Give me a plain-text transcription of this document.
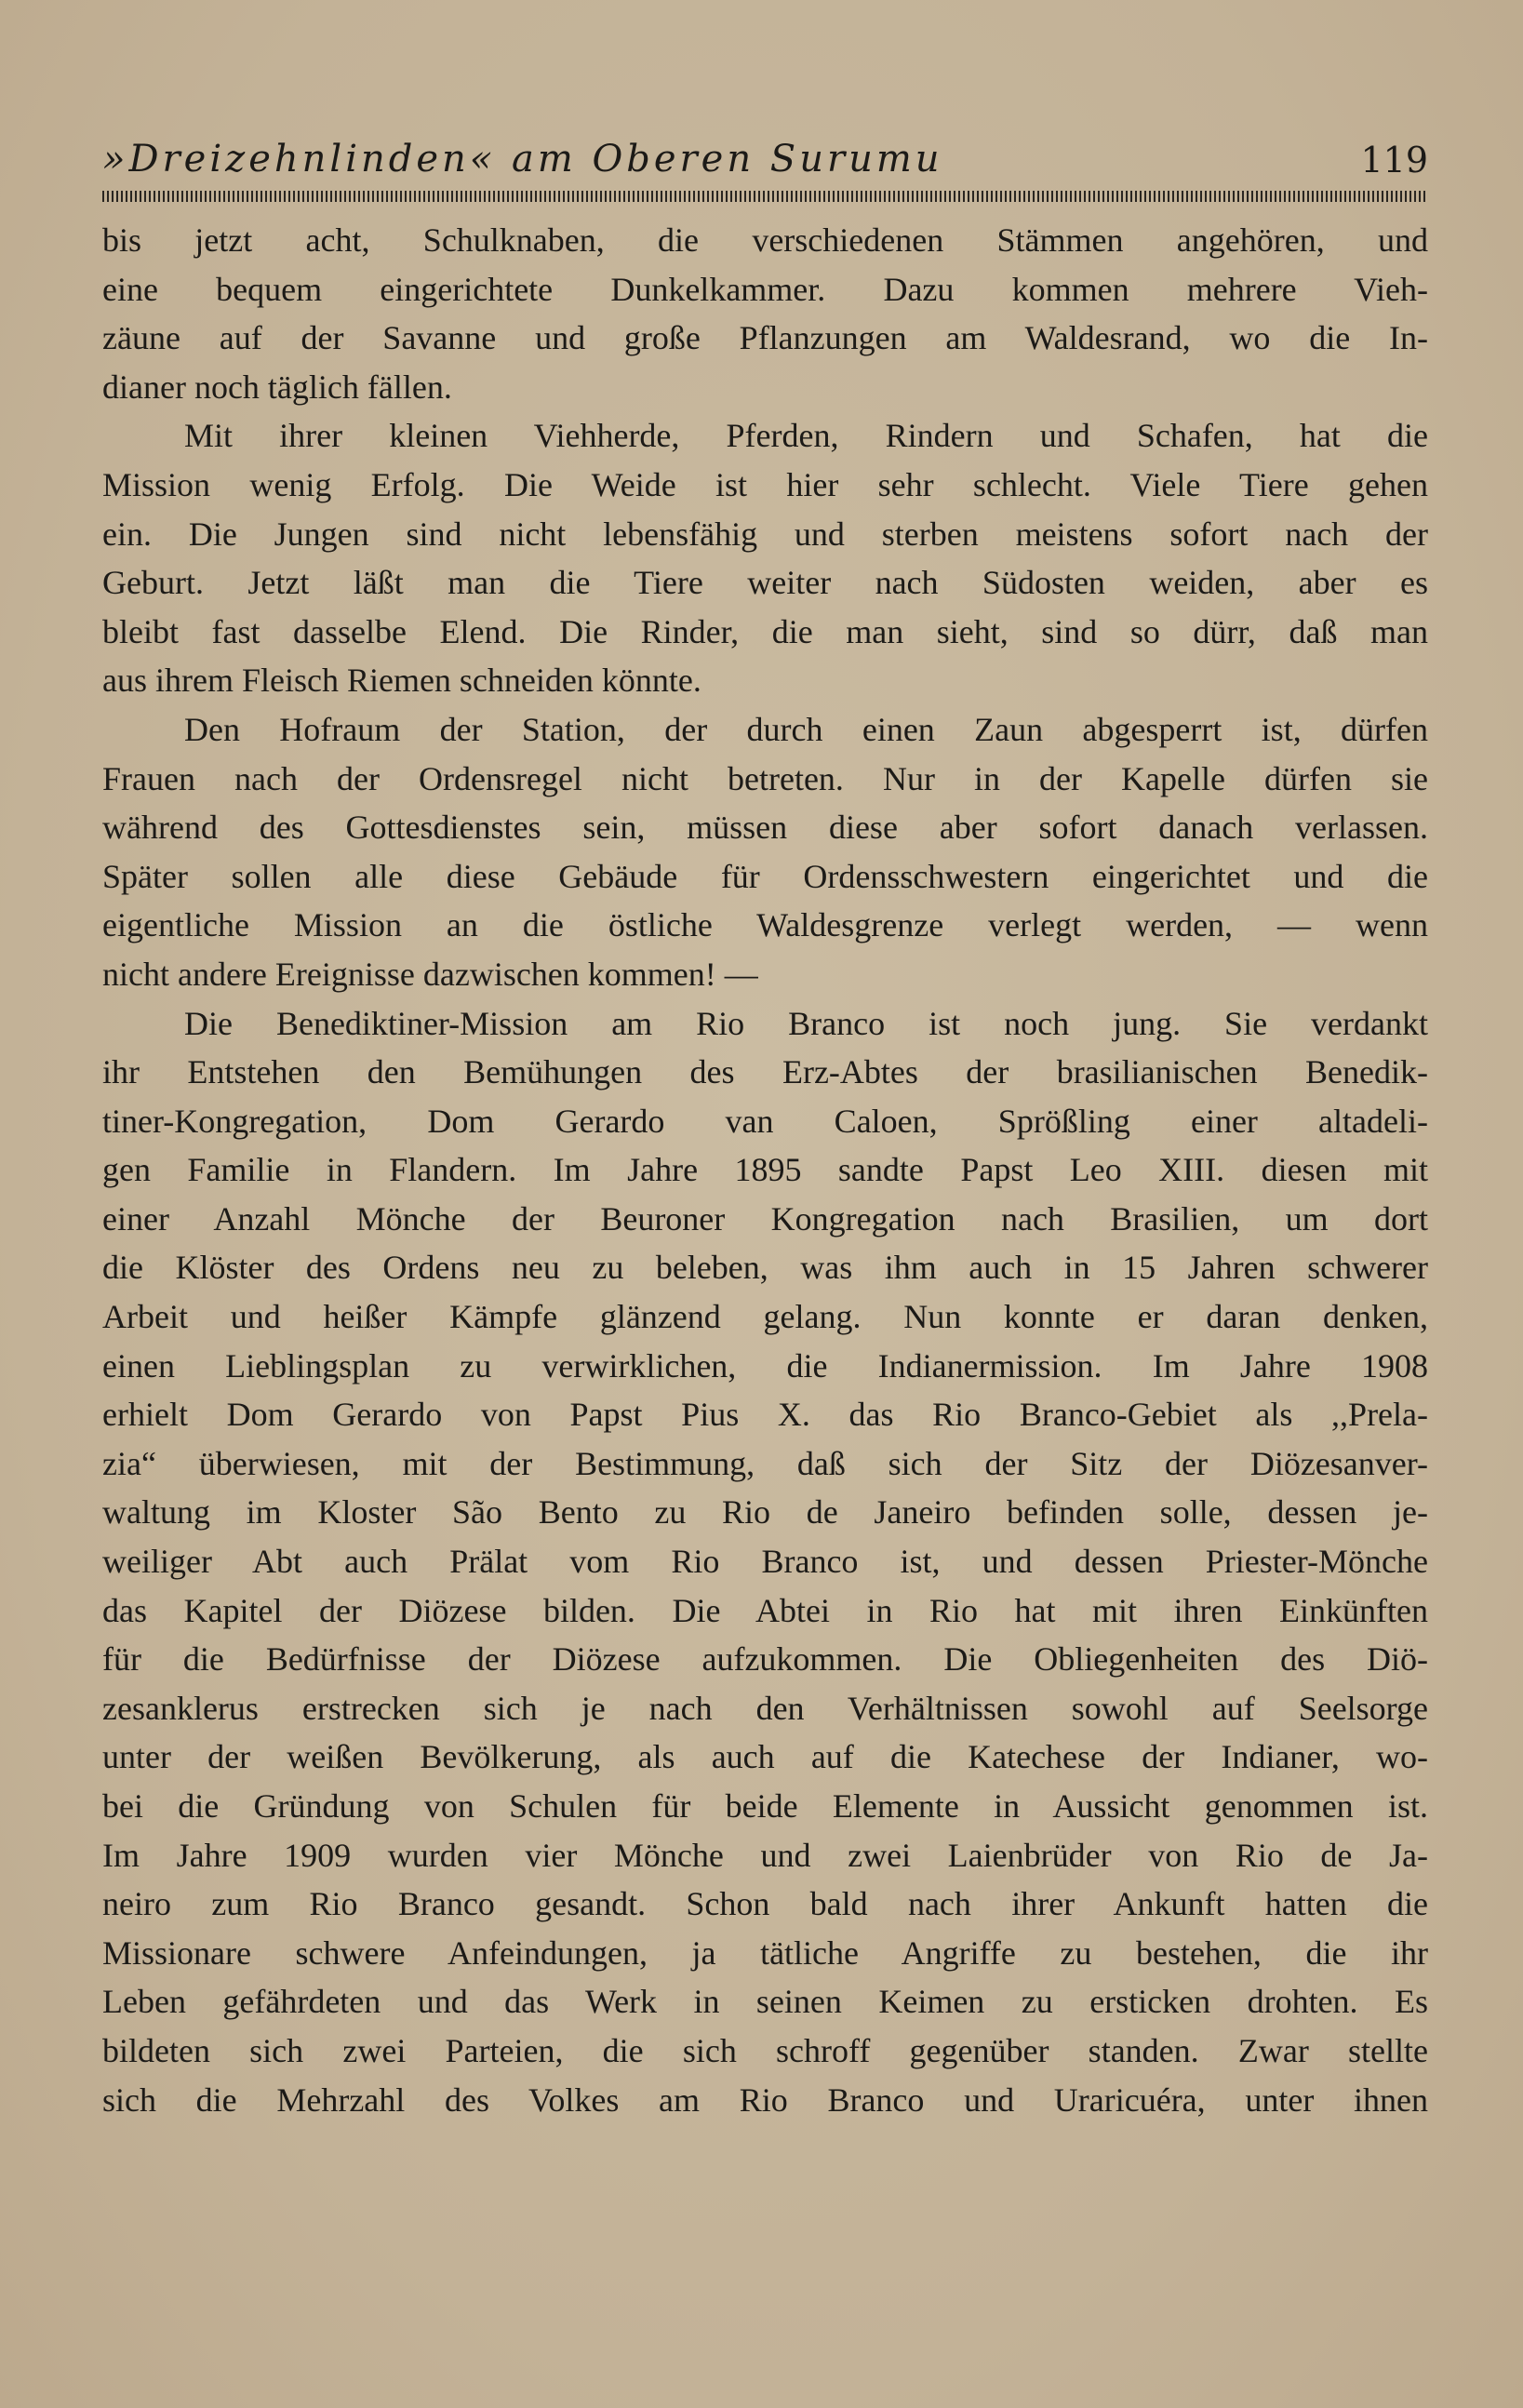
»Dreizehnlinden« am Oberen Surumu	119
bis jetzt acht, Schulknaben, die verschiedenen Stämmen angehören, und
eine bequem eingerichtete Dunkelkammer. Dazu kommen mehrere Vieh-
zäune auf der Savanne und große Pflanzungen am Waldesrand, wo die In-
dianer noch täglich fällen.
Mit ihrer kleinen Viehherde, Pferden, Rindern und Schafen, hat die
Mission wenig Erfolg. Die Weide ist hier sehr schlecht. Viele Tiere gehen
ein. Die Jungen sind nicht lebensfähig und sterben meistens sofort nach der
Geburt. Jetzt läßt man die Tiere weiter nach Südosten weiden, aber es
bleibt fast dasselbe Elend. Die Rinder, die man sieht, sind so dürr, daß man
aus ihrem Fleisch Riemen schneiden könnte.
Den Hofraum der Station, der durch einen Zaun abgesperrt ist, dürfen
Frauen nach der Ordensregel nicht betreten. Nur in der Kapelle dürfen sie
während des Gottesdienstes sein, müssen diese aber sofort danach verlassen.
Später sollen alle diese Gebäude für Ordensschwestern eingerichtet und die
eigentliche Mission an die östliche Waldesgrenze verlegt werden, — wenn
nicht andere Ereignisse dazwischen kommen! —
Die Benediktiner-Mission am Rio Branco ist noch jung. Sie verdankt
ihr Entstehen den Bemühungen des Erz-Abtes der brasilianischen Benedik-
tiner-Kongregation, Dom Gerardo van Caloen, Sprößling einer altadeli-
gen Familie in Flandern. Im Jahre 1895 sandte Papst Leo XIII. diesen mit
einer Anzahl Mönche der Beuroner Kongregation nach Brasilien, um dort
die Klöster des Ordens neu zu beleben, was ihm auch in 15 Jahren schwerer
Arbeit und heißer Kämpfe glänzend gelang. Nun konnte er daran denken,
einen Lieblingsplan zu verwirklichen, die Indianermission. Im Jahre 1908
erhielt Dom Gerardo von Papst Pius X. das Rio Branco-Gebiet als ,,Prela-
zia“ überwiesen, mit der Bestimmung, daß sich der Sitz der Diözesanver-
waltung im Kloster São Bento zu Rio de Janeiro befinden solle, dessen je-
weiliger Abt auch Prälat vom Rio Branco ist, und dessen Priester-Mönche
das Kapitel der Diözese bilden. Die Abtei in Rio hat mit ihren Einkünften
für die Bedürfnisse der Diözese aufzukommen. Die Obliegenheiten des Diö-
zesanklerus erstrecken sich je nach den Verhältnissen sowohl auf Seelsorge
unter der weißen Bevölkerung, als auch auf die Katechese der Indianer, wo-
bei die Gründung von Schulen für beide Elemente in Aussicht genommen ist.
Im Jahre 1909 wurden vier Mönche und zwei Laienbrüder von Rio de Ja-
neiro zum Rio Branco gesandt. Schon bald nach ihrer Ankunft hatten die
Missionare schwere Anfeindungen, ja tätliche Angriffe zu bestehen, die ihr
Leben gefährdeten und das Werk in seinen Keimen zu ersticken drohten. Es
bildeten sich zwei Parteien, die sich schroff gegenüber standen. Zwar stellte
sich die Mehrzahl des Volkes am Rio Branco und Uraricuéra, unter ihnen
